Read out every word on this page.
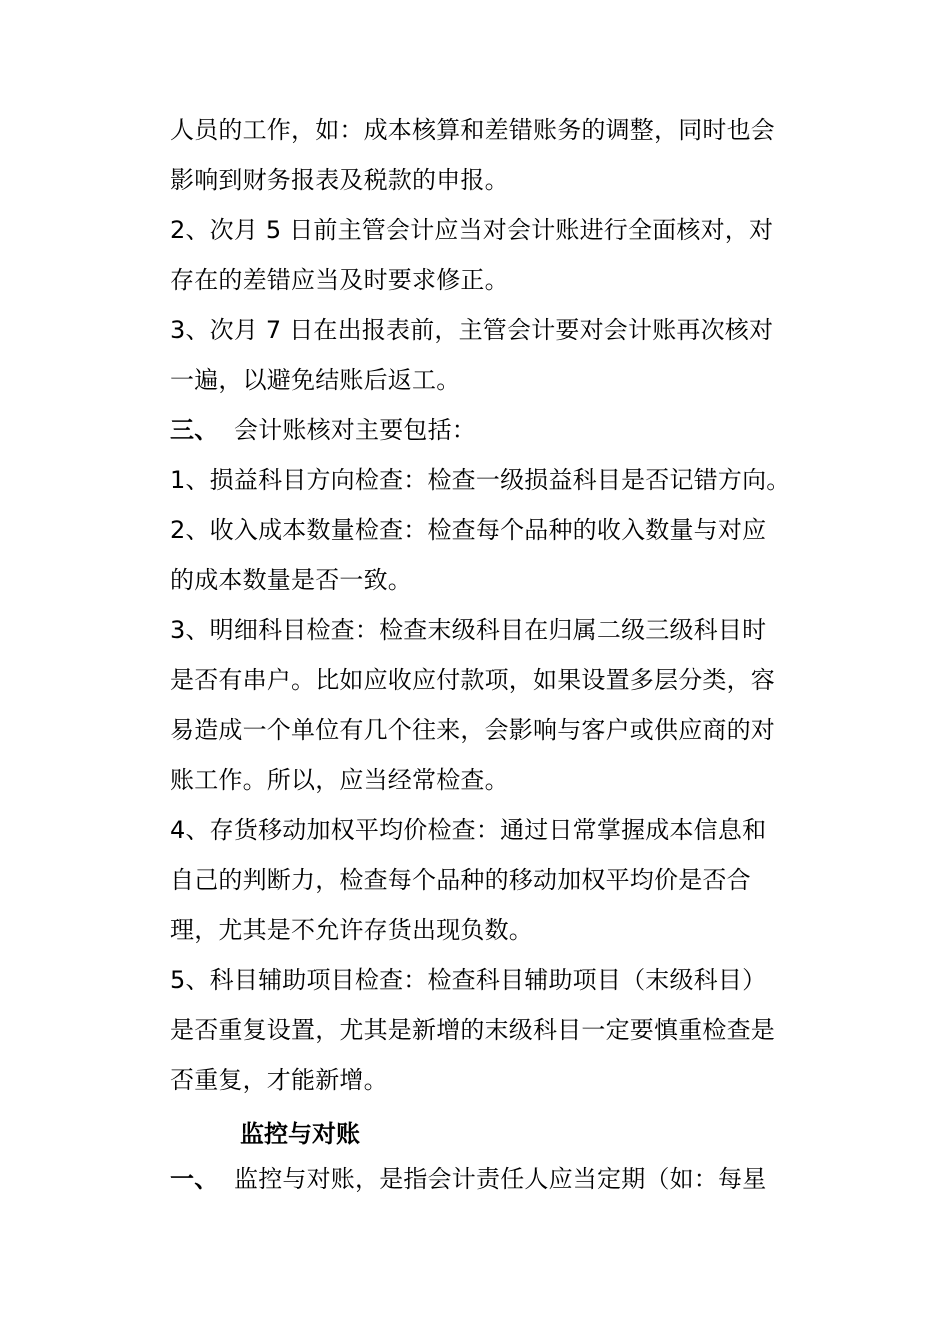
人员的工作，如：成本核算和差错账务的调整，同时也会
影响到财务报表及税款的申报。
2、次月 5 日前主管会计应当对会计账进行全面核对，对
存在的差错应当及时要求修正。
3、次月 7 日在出报表前，主管会计要对会计账再次核对
一遍，以避免结账后返工。
三、 会计账核对主要包括：
1、损益科目方向检查：检查一级损益科目是否记错方向。
2、收入成本数量检查：检查每个品种的收入数量与对应
的成本数量是否一致。
3、明细科目检查：检查末级科目在归属二级三级科目时
是否有串户。比如应收应付款项，如果设置多层分类，容
易造成一个单位有几个往来，会影响与客户或供应商的对
账工作。所以，应当经常检查。
4、存货移动加权平均价检查：通过日常掌握成本信息和
自己的判断力，检查每个品种的移动加权平均价是否合
理，尤其是不允许存货出现负数。
5、科目辅助项目检查：检查科目辅助项目（末级科目）
是否重复设置，尤其是新增的末级科目一定要慎重检查是
否重复，才能新增。
监控与对账
一、 监控与对账，是指会计责任人应当定期（如：每星
